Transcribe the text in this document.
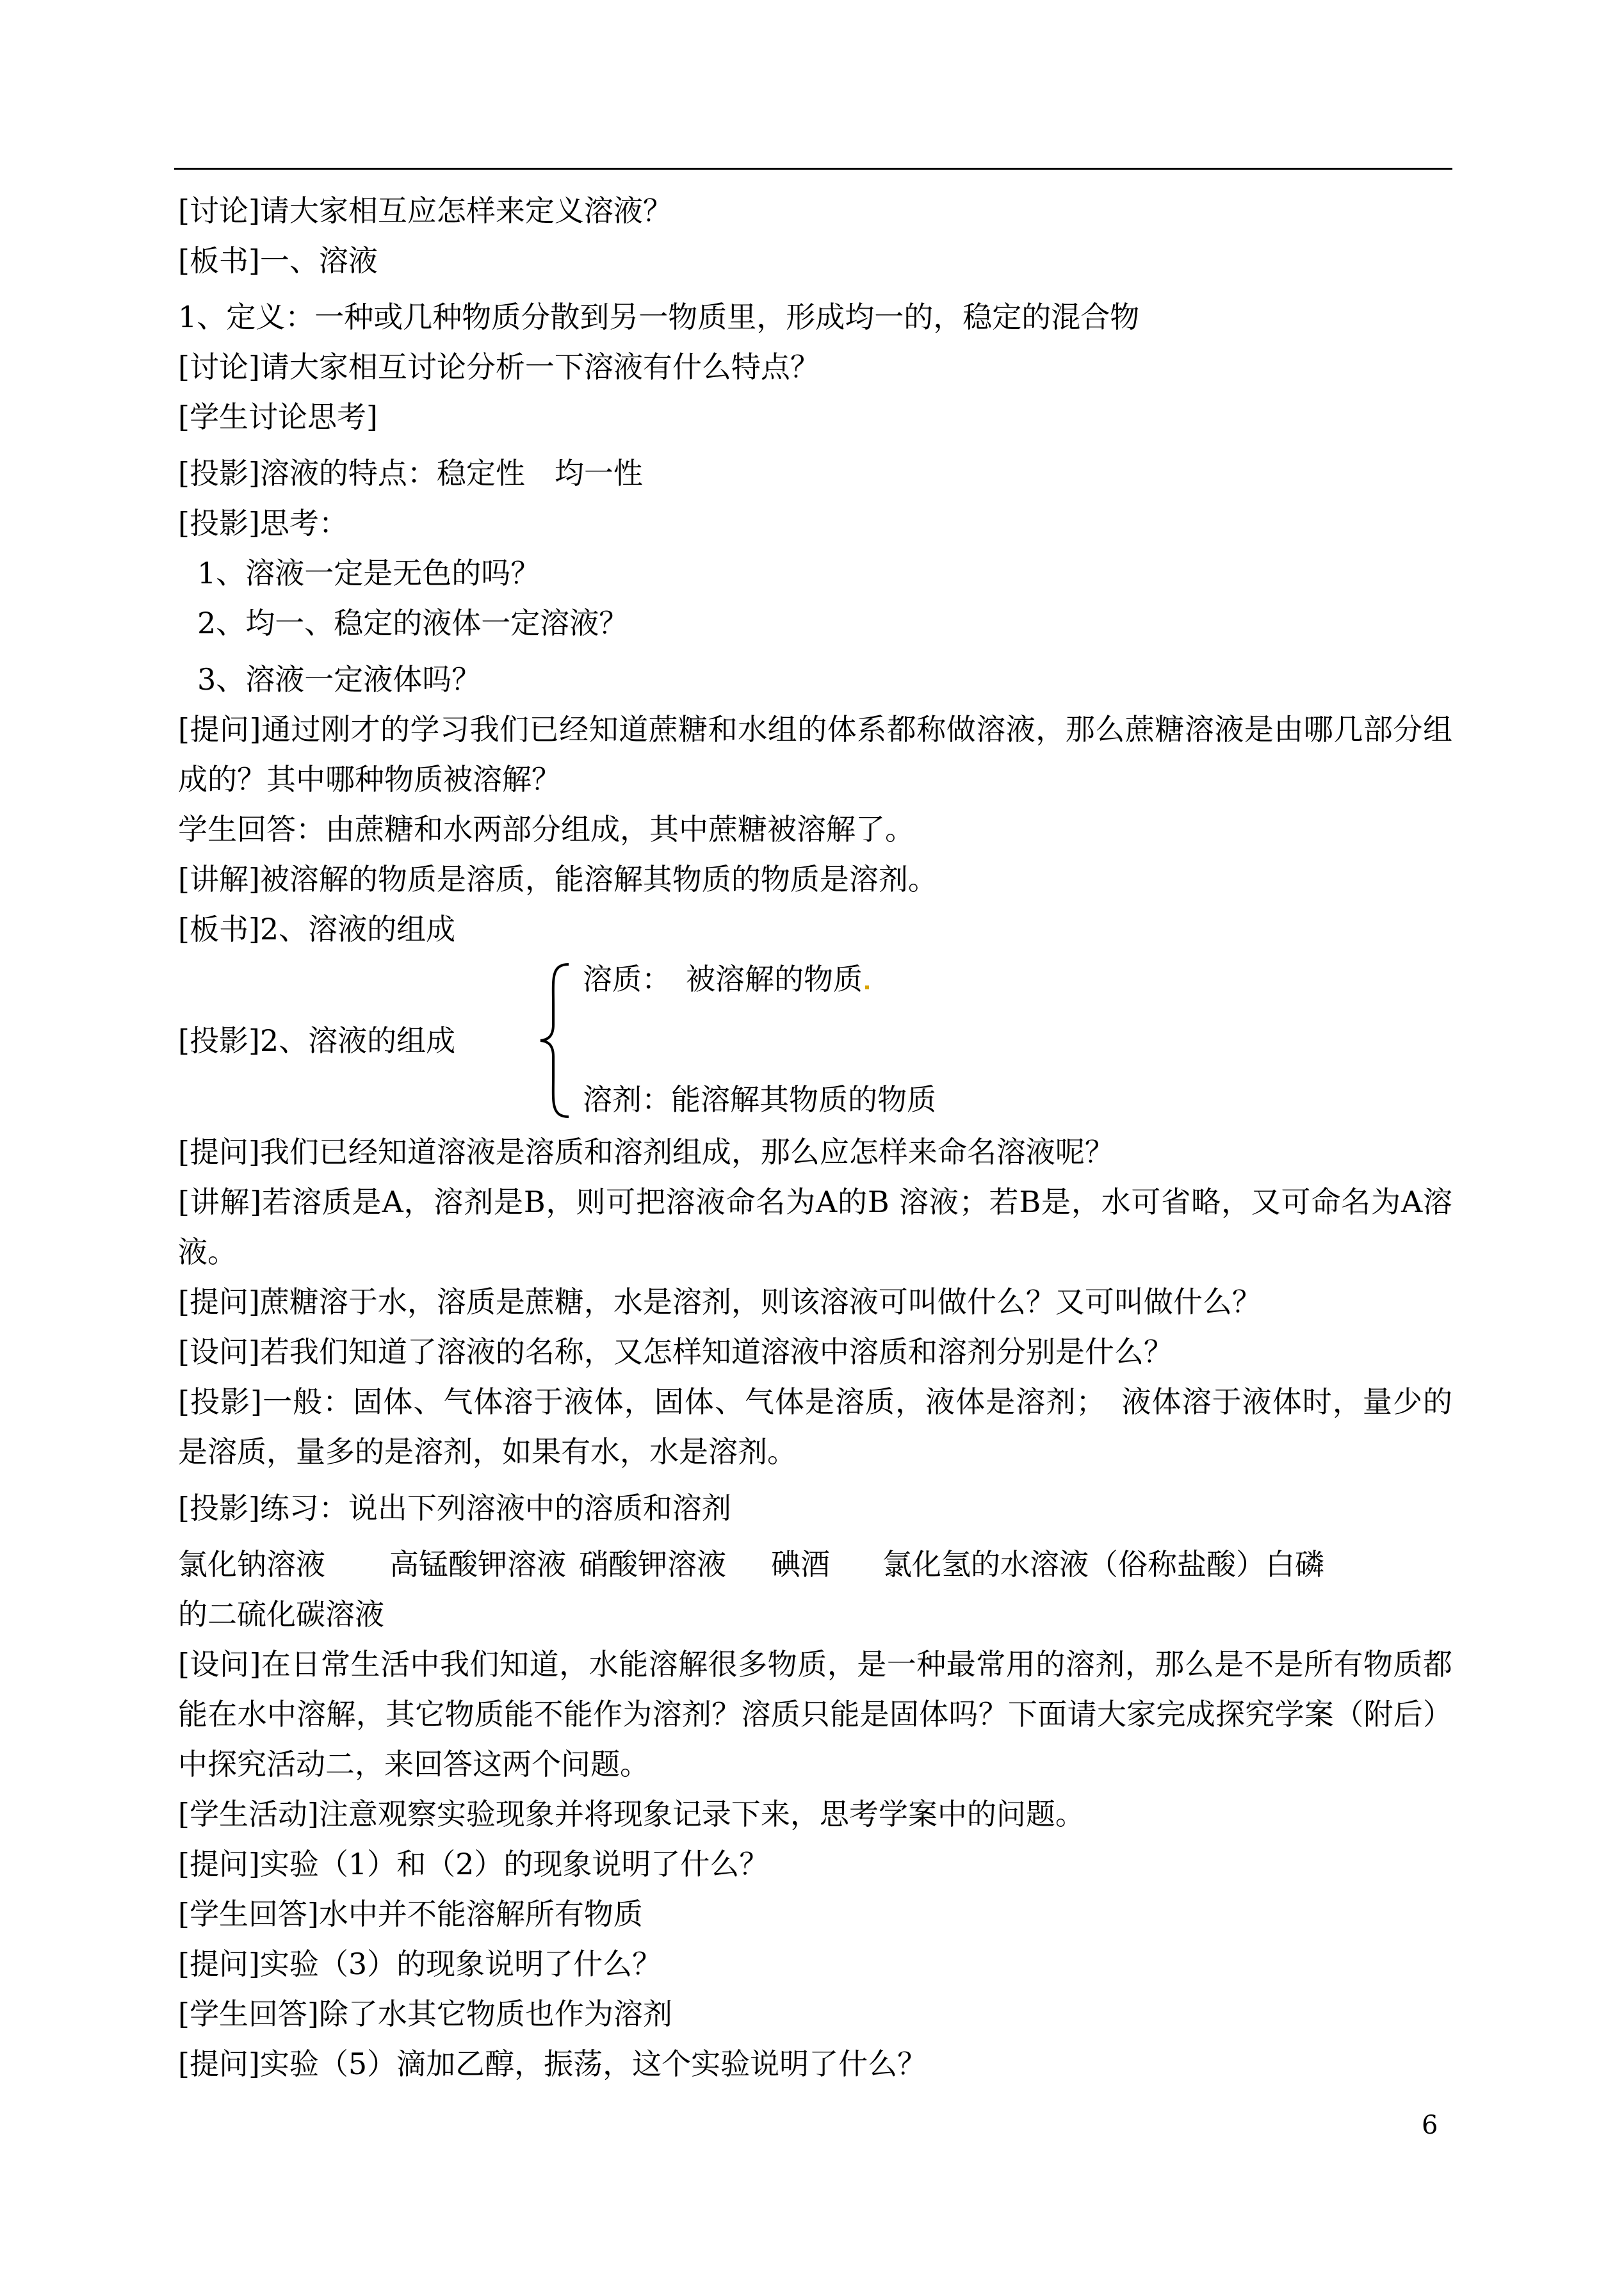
[讨论]请大家相互应怎样来定义溶液？
[板书]一、溶液
1、定义：一种或几种物质分散到另一物质里，形成均一的，稳定的混合物
[讨论]请大家相互讨论分析一下溶液有什么特点？
[学生讨论思考]
[投影]溶液的特点：稳定性　均一性
[投影]思考：
1、溶液一定是无色的吗？
2、均一、稳定的液体一定溶液？
3、溶液一定液体吗？
[提问]通过刚才的学习我们已经知道蔗糖和水组的体系都称做溶液，那么蔗糖溶液是由哪几部分组成的？其中哪种物质被溶解？
学生回答：由蔗糖和水两部分组成，其中蔗糖被溶解了。
[讲解]被溶解的物质是溶质，能溶解其物质的物质是溶剂。
[板书]2、溶液的组成
[投影]2、溶液的组成
溶质：　被溶解的物质
溶剂：能溶解其物质的物质
[提问]我们已经知道溶液是溶质和溶剂组成，那么应怎样来命名溶液呢？
[讲解]若溶质是A，溶剂是B，则可把溶液命名为A的B 溶液；若B是，水可省略，又可命名为A溶液。
[提问]蔗糖溶于水，溶质是蔗糖，水是溶剂，则该溶液可叫做什么？又可叫做什么？
[设问]若我们知道了溶液的名称，又怎样知道溶液中溶质和溶剂分别是什么？
[投影]一般：固体、气体溶于液体，固体、气体是溶质，液体是溶剂；　液体溶于液体时，量少的是溶质，量多的是溶剂，如果有水，水是溶剂。
[投影]练习：说出下列溶液中的溶质和溶剂
氯化钠溶液	高锰酸钾溶液 硝酸钾溶液	碘酒	氯化氢的水溶液（俗称盐酸）白磷
的二硫化碳溶液
[设问]在日常生活中我们知道，水能溶解很多物质，是一种最常用的溶剂，那么是不是所有物质都能在水中溶解，其它物质能不能作为溶剂？溶质只能是固体吗？下面请大家完成探究学案（附后）中探究活动二，来回答这两个问题。
[学生活动]注意观察实验现象并将现象记录下来，思考学案中的问题。
[提问]实验（1）和（2）的现象说明了什么？
[学生回答]水中并不能溶解所有物质
[提问]实验（3）的现象说明了什么？
[学生回答]除了水其它物质也作为溶剂
[提问]实验（5）滴加乙醇，振荡，这个实验说明了什么？
6
